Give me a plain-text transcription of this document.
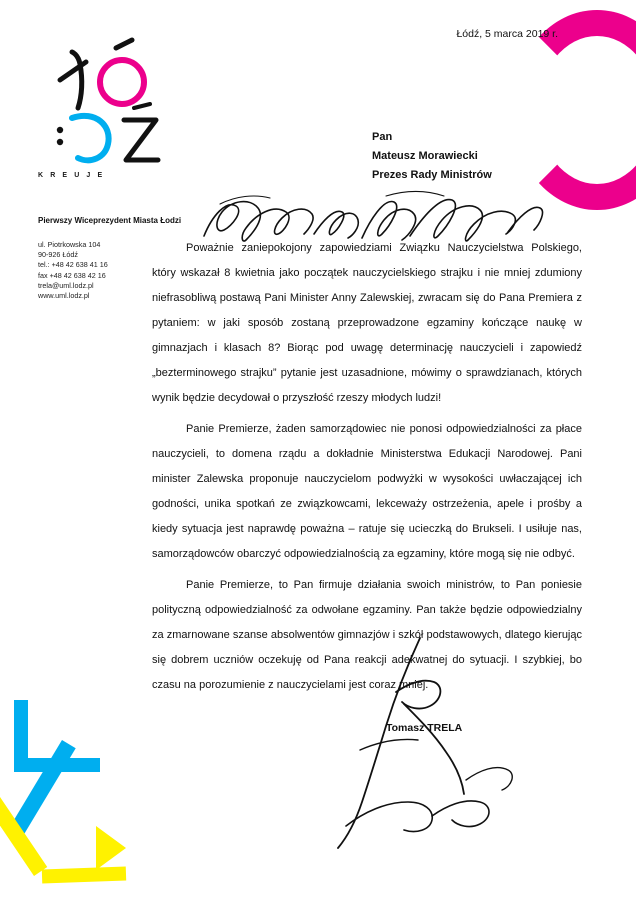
K R E U J E
Łódź, 5 marca 2019 r.
Pan
Mateusz Morawiecki
Prezes Rady Ministrów
Pierwszy Wiceprezydent Miasta Łodzi
ul. Piotrkowska 104
90-926 Łódź
tel.: +48 42 638 41 16
fax +48 42 638 42 16
trela@uml.lodz.pl
www.uml.lodz.pl

Poważnie zaniepokojony zapowiedziami Związku Nauczycielstwa Polskiego, który wskazał 8 kwietnia jako początek nauczycielskiego strajku i nie mniej zdumiony niefrasobliwą postawą Pani Minister Anny Zalewskiej, zwracam się do Pana Premiera z pytaniem: w jaki sposób zostaną przeprowadzone egzaminy kończące naukę w gimnazjach i klasach 8? Biorąc pod uwagę determinację nauczycieli i zapowiedź „bezterminowego strajku” pytanie jest uzasadnione, mówimy o sprawdzianach, których wynik będzie decydował o przyszłość rzeszy młodych ludzi!

Panie Premierze, żaden samorządowiec nie ponosi odpowiedzialności za płace nauczycieli, to domena rządu a dokładnie Ministerstwa Edukacji Narodowej. Pani minister Zalewska proponuje nauczycielom podwyżki w wysokości uwłaczającej ich godności, unika spotkań ze związkowcami, lekceważy ostrzeżenia, apele i prośby a kiedy sytuacja jest naprawdę poważna – ratuje się ucieczką do Brukseli. I usiłuje nas, samorządowców obarczyć odpowiedzialnością za egzaminy, które mogą się nie odbyć.

Panie Premierze, to Pan firmuje działania swoich ministrów, to Pan poniesie polityczną odpowiedzialność za odwołane egzaminy. Pan także będzie odpowiedzialny za zmarnowane szanse absolwentów gimnazjów i szkół podstawowych, dlatego kierując się dobrem uczniów oczekuję od Pana reakcji adekwatnej do sytuacji. I szybkiej, bo czasu na porozumienie z nauczycielami jest coraz mniej.

Tomasz TRELA
